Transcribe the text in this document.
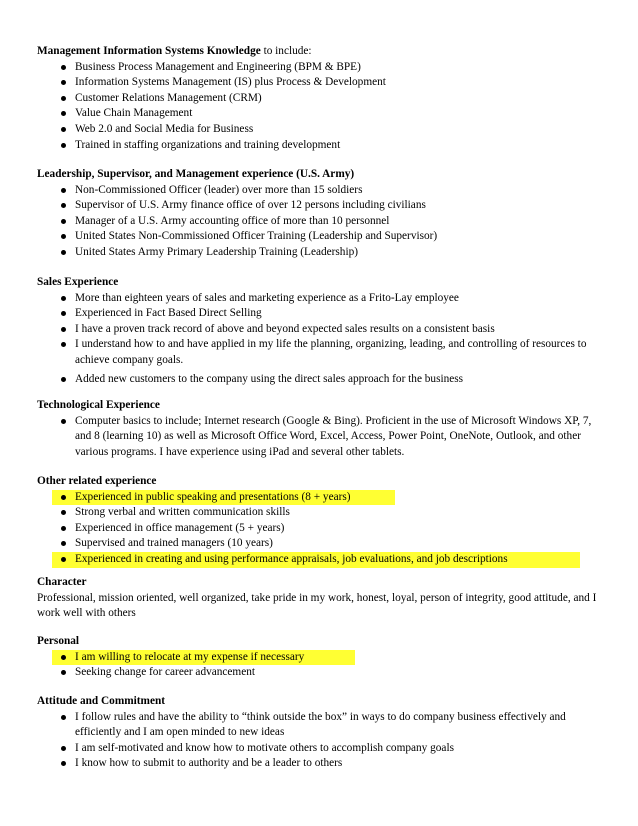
Management Information Systems Knowledge to include:

Business Process Management and Engineering (BPM & BPE)
Information Systems Management (IS) plus Process & Development
Customer Relations Management (CRM)
Value Chain Management
Web 2.0 and Social Media for Business
Trained in staffing organizations and training development

Leadership, Supervisor, and Management experience (U.S. Army)

Non-Commissioned Officer (leader) over more than 15 soldiers
Supervisor of U.S. Army finance office of over 12 persons including civilians
Manager of a U.S. Army accounting office of more than 10 personnel
United States Non-Commissioned Officer Training (Leadership and Supervisor)
United States Army Primary Leadership Training (Leadership)

Sales Experience

More than eighteen years of sales and marketing experience as a Frito-Lay employee
Experienced in Fact Based Direct Selling
I have a proven track record of above and beyond expected sales results on a consistent basis
I understand how to and have applied in my life the planning, organizing, leading, and controlling of resources to achieve company goals.
Added new customers to the company using the direct sales approach for the business

Technological Experience

Computer basics to include; Internet research (Google & Bing). Proficient in the use of Microsoft Windows XP, 7, and 8 (learning 10) as well as Microsoft Office Word, Excel, Access, Power Point, OneNote, Outlook, and other various programs. I have experience using iPad and several other tablets.

Other related experience

Experienced in public speaking and presentations (8 + years)
Strong verbal and written communication skills
Experienced in office management (5 + years)
Supervised and trained managers (10 years)
Experienced in creating and using performance appraisals, job evaluations, and job descriptions

Character

Professional, mission oriented, well organized, take pride in my work, honest, loyal, person of integrity, good attitude, and I work well with others

Personal

I am willing to relocate at my expense if necessary
Seeking change for career advancement

Attitude and Commitment

I follow rules and have the ability to “think outside the box” in ways to do company business effectively and efficiently and I am open minded to new ideas
I am self-motivated and know how to motivate others to accomplish company goals
I know how to submit to authority and be a leader to others
